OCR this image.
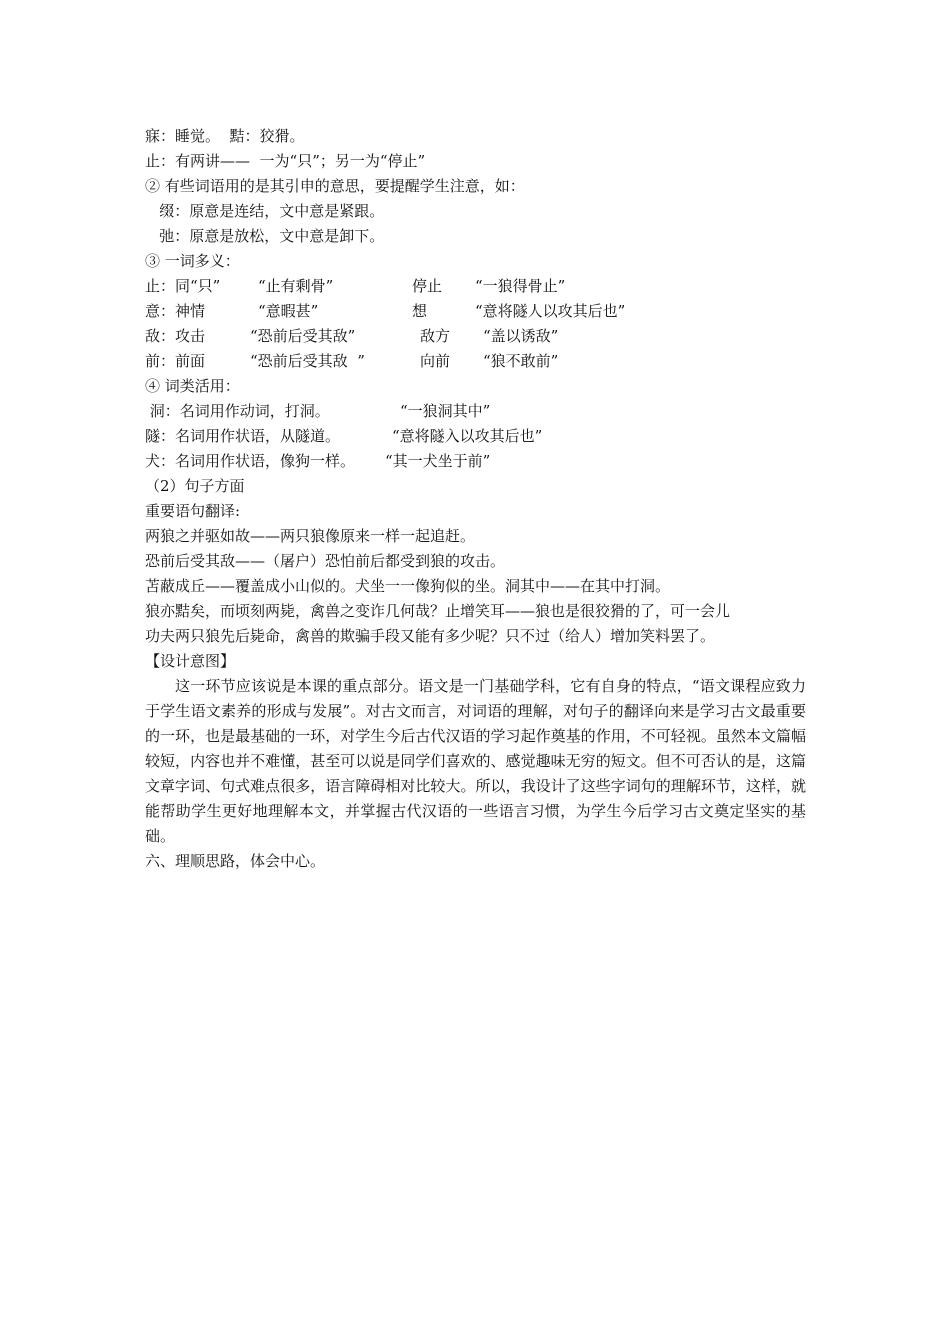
寐：睡觉。  黠：狡猾。
止：有两讲——  一为“只”；另一为“停止”
② 有些词语用的是其引申的意思，要提醒学生注意，如：
缀：原意是连结，文中意是紧跟。
弛：原意是放松，文中意是卸下。
③ 一词多义：
止：同“只”	“止有剩骨”	停止 “一狼得骨止”
意：神情	“意暇甚”	想	“意将隧人以攻其后也”
敌：攻击	“恐前后受其敌”	敌方 “盖以诱敌”
前：前面	“恐前后受其敌  ”	向前 “狼不敢前”
④ 词类活用：
洞：名词用作动词，打洞。	“一狼洞其中”
隧：名词用作状语，从隧道。	“意将隧入以攻其后也”
犬：名词用作状语，像狗一样。 “其一犬坐于前”
（2）句子方面
重要语句翻译:
两狼之并驱如故——两只狼像原来一样一起追赶。
恐前后受其敌——（屠户）恐怕前后都受到狼的攻击。
苫蔽成丘——覆盖成小山似的。犬坐一一像狗似的坐。洞其中——在其中打洞。
狼亦黠矣，而顷刻两毙，禽兽之变诈几何哉？止增笑耳——狼也是很狡猾的了，可一会儿
功夫两只狼先后毙命，禽兽的欺骗手段又能有多少呢？只不过（给人）增加笑料罢了。
【设计意图】
这一环节应该说是本课的重点部分。语文是一门基础学科，它有自身的特点，“语文课程应致力于学生语文素养的形成与发展”。对古文而言，对词语的理解，对句子的翻译向来是学习古文最重要的一环，也是最基础的一环，对学生今后古代汉语的学习起作奠基的作用，不可轻视。虽然本文篇幅较短，内容也并不难懂，甚至可以说是同学们喜欢的、感觉趣味无穷的短文。但不可否认的是，这篇文章字词、句式难点很多，语言障碍相对比较大。所以，我设计了这些字词句的理解环节，这样，就能帮助学生更好地理解本文，并掌握古代汉语的一些语言习惯，为学生今后学习古文奠定坚实的基础。
六、理顺思路，体会中心。
